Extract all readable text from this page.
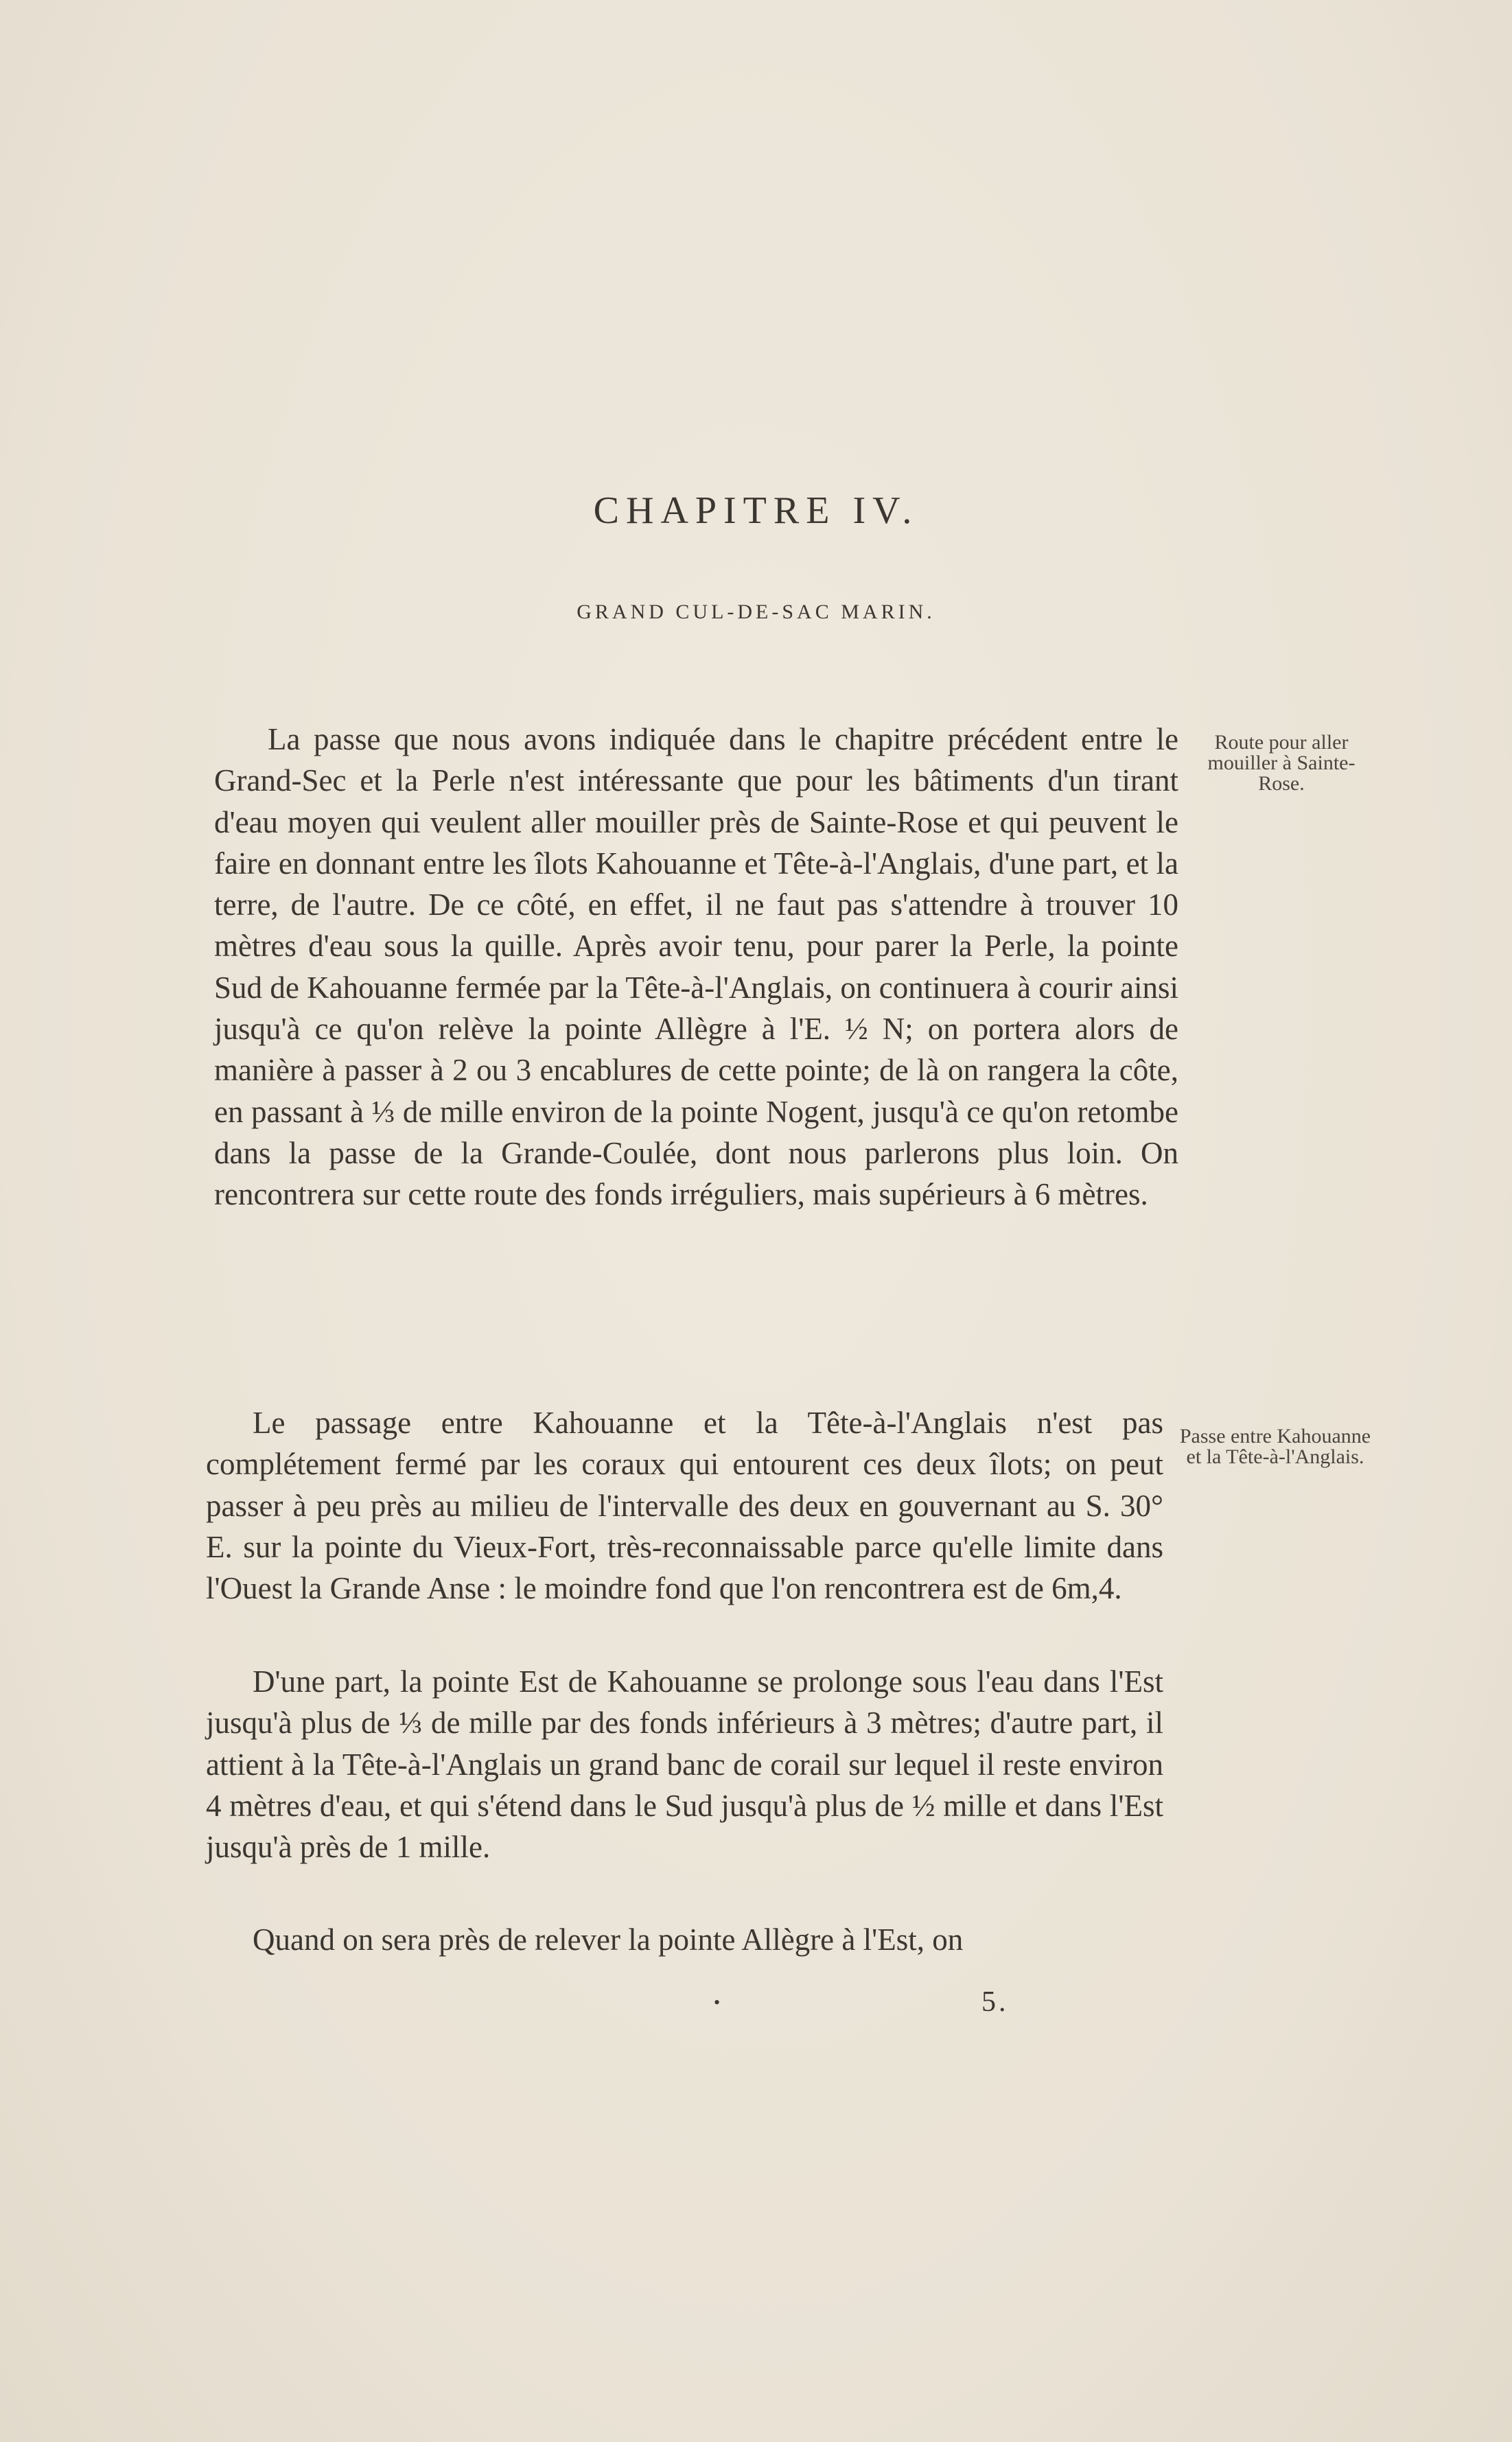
CHAPITRE IV.
GRAND CUL-DE-SAC MARIN.

La passe que nous avons indiquée dans le chapitre précédent entre le Grand-Sec et la Perle n'est intéressante que pour les bâtiments d'un tirant d'eau moyen qui veulent aller mouiller près de Sainte-Rose et qui peuvent le faire en donnant entre les îlots Kahouanne et Tête-à-l'Anglais, d'une part, et la terre, de l'autre. De ce côté, en effet, il ne faut pas s'attendre à trouver 10 mètres d'eau sous la quille. Après avoir tenu, pour parer la Perle, la pointe Sud de Kahouanne fermée par la Tête-à-l'Anglais, on continuera à courir ainsi jusqu'à ce qu'on relève la pointe Allègre à l'E. ½ N; on portera alors de manière à passer à 2 ou 3 encablures de cette pointe; de là on rangera la côte, en passant à ⅓ de mille environ de la pointe Nogent, jusqu'à ce qu'on retombe dans la passe de la Grande-Coulée, dont nous parlerons plus loin. On rencontrera sur cette route des fonds irréguliers, mais supérieurs à 6 mètres.

Route pour aller mouiller à Sainte-Rose.

Le passage entre Kahouanne et la Tête-à-l'Anglais n'est pas complétement fermé par les coraux qui entourent ces deux îlots; on peut passer à peu près au milieu de l'intervalle des deux en gouvernant au S. 30° E. sur la pointe du Vieux-Fort, très-reconnaissable parce qu'elle limite dans l'Ouest la Grande Anse : le moindre fond que l'on rencontrera est de 6m,4.

Passe entre Kahouanne et la Tête-à-l'Anglais.

D'une part, la pointe Est de Kahouanne se prolonge sous l'eau dans l'Est jusqu'à plus de ⅓ de mille par des fonds inférieurs à 3 mètres; d'autre part, il attient à la Tête-à-l'Anglais un grand banc de corail sur lequel il reste environ 4 mètres d'eau, et qui s'étend dans le Sud jusqu'à plus de ½ mille et dans l'Est jusqu'à près de 1 mille.

Quand on sera près de relever la pointe Allègre à l'Est, on

•	5.
